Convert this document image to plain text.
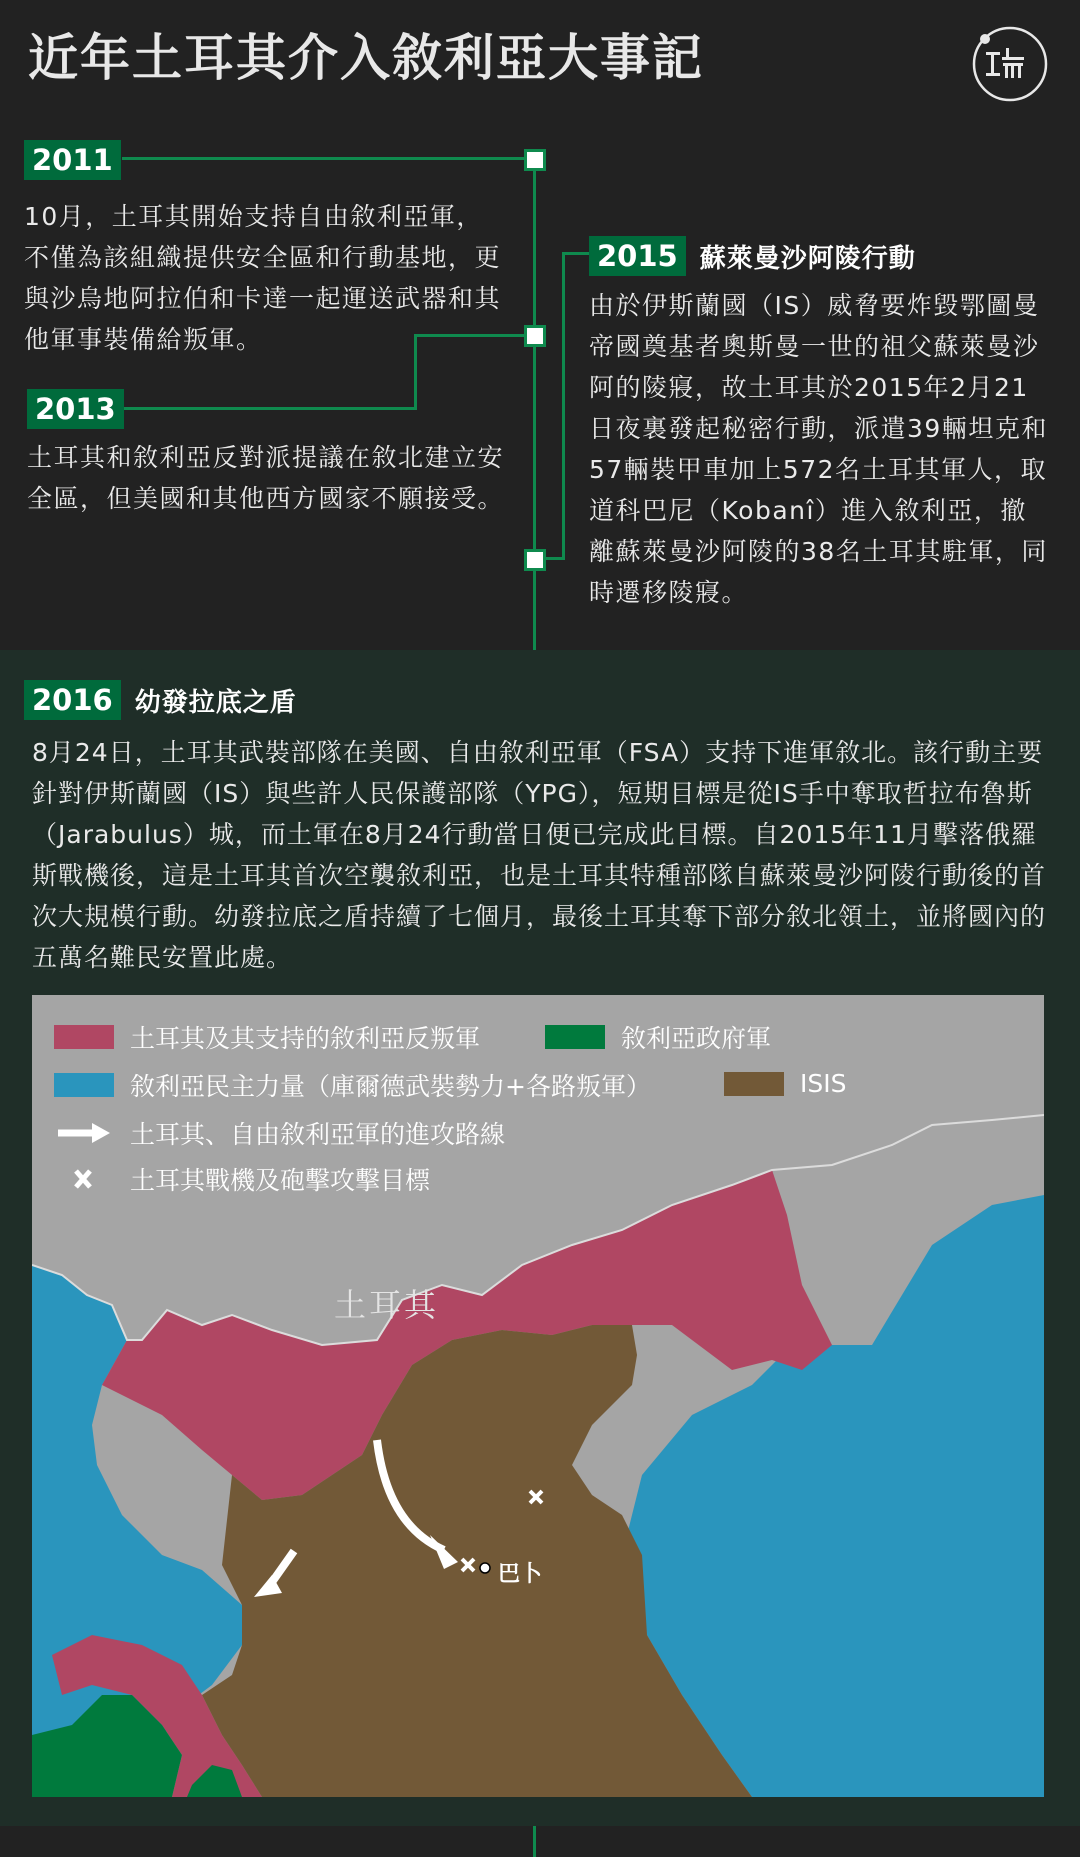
近年土耳其介入敘利亞大事記
2011
10月，土耳其開始支持自由敘利亞軍，不僅為該組織提供安全區和行動基地，更與沙烏地阿拉伯和卡達一起運送武器和其他軍事裝備給叛軍。
2013
土耳其和敘利亞反對派提議在敘北建立安全區，但美國和其他西方國家不願接受。
2015 蘇萊曼沙阿陵行動
由於伊斯蘭國（IS）威脅要炸毀鄂圖曼帝國奠基者奧斯曼一世的祖父蘇萊曼沙阿的陵寢，故土耳其於2015年2月21日夜裏發起秘密行動，派遣39輛坦克和57輛裝甲車加上572名土耳其軍人，取道科巴尼（Kobanî）進入敘利亞，撤離蘇萊曼沙阿陵的38名土耳其駐軍，同時遷移陵寢。
2016 幼發拉底之盾
8月24日，土耳其武裝部隊在美國、自由敘利亞軍（FSA）支持下進軍敘北。該行動主要針對伊斯蘭國（IS）與些許人民保護部隊（YPG），短期目標是從IS手中奪取哲拉布魯斯（Jarabulus）城，而土軍在8月24行動當日便已完成此目標。自2015年11月擊落俄羅斯戰機後，這是土耳其首次空襲敘利亞，也是土耳其特種部隊自蘇萊曼沙阿陵行動後的首次大規模行動。幼發拉底之盾持續了七個月，最後土耳其奪下部分敘北領土，並將國內的五萬名難民安置此處。
土耳其及其支持的敘利亞反叛軍	敘利亞政府軍
敘利亞民主力量（庫爾德武裝勢力+各路叛軍）	ISIS
土耳其、自由敘利亞軍的進攻路線
土耳其戰機及砲擊攻擊目標
土耳其
巴卜
